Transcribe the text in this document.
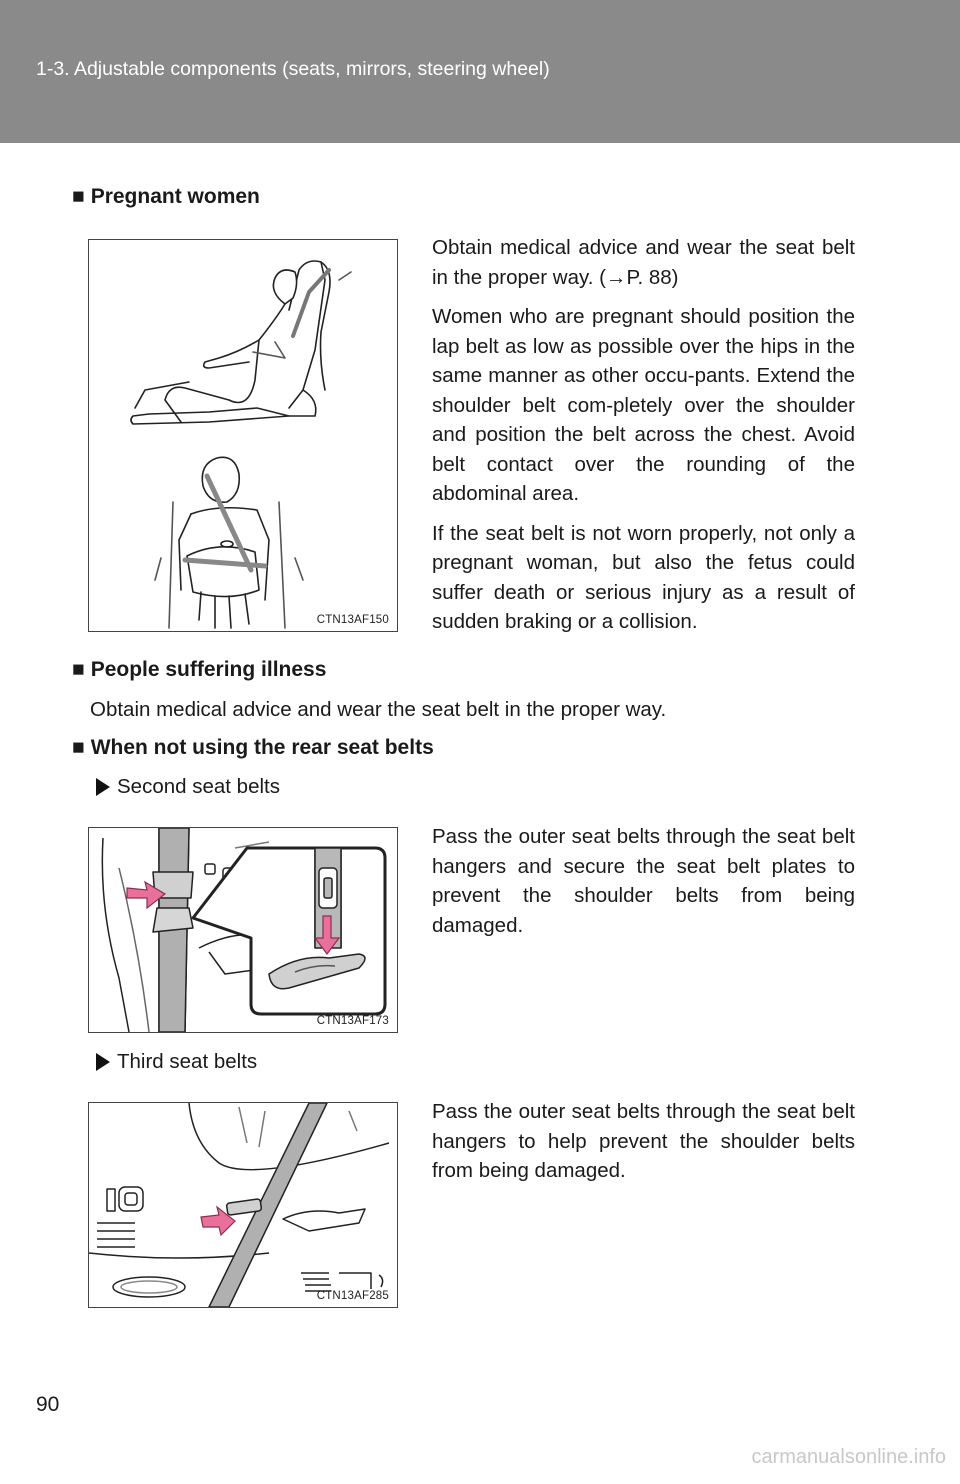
1-3. Adjustable components (seats, mirrors, steering wheel)
■ Pregnant women
CTN13AF150

Obtain medical advice and wear the seat belt in the proper way. (→P. 88)

Women who are pregnant should position the lap belt as low as possible over the hips in the same manner as other occu-pants. Extend the shoulder belt com-pletely over the shoulder and position the belt across the chest. Avoid belt contact over the rounding of the abdominal area.

If the seat belt is not worn properly, not only a pregnant woman, but also the fetus could suffer death or serious injury as a result of sudden braking or a collision.

■ People suffering illness
Obtain medical advice and wear the seat belt in the proper way.
■ When not using the rear seat belts
Second seat belts
CTN13AF173

Pass the outer seat belts through the seat belt hangers and secure the seat belt plates to prevent the shoulder belts from being damaged.

Third seat belts
CTN13AF285

Pass the outer seat belts through the seat belt hangers to help prevent the shoulder belts from being damaged.

90
carmanualsonline.info
